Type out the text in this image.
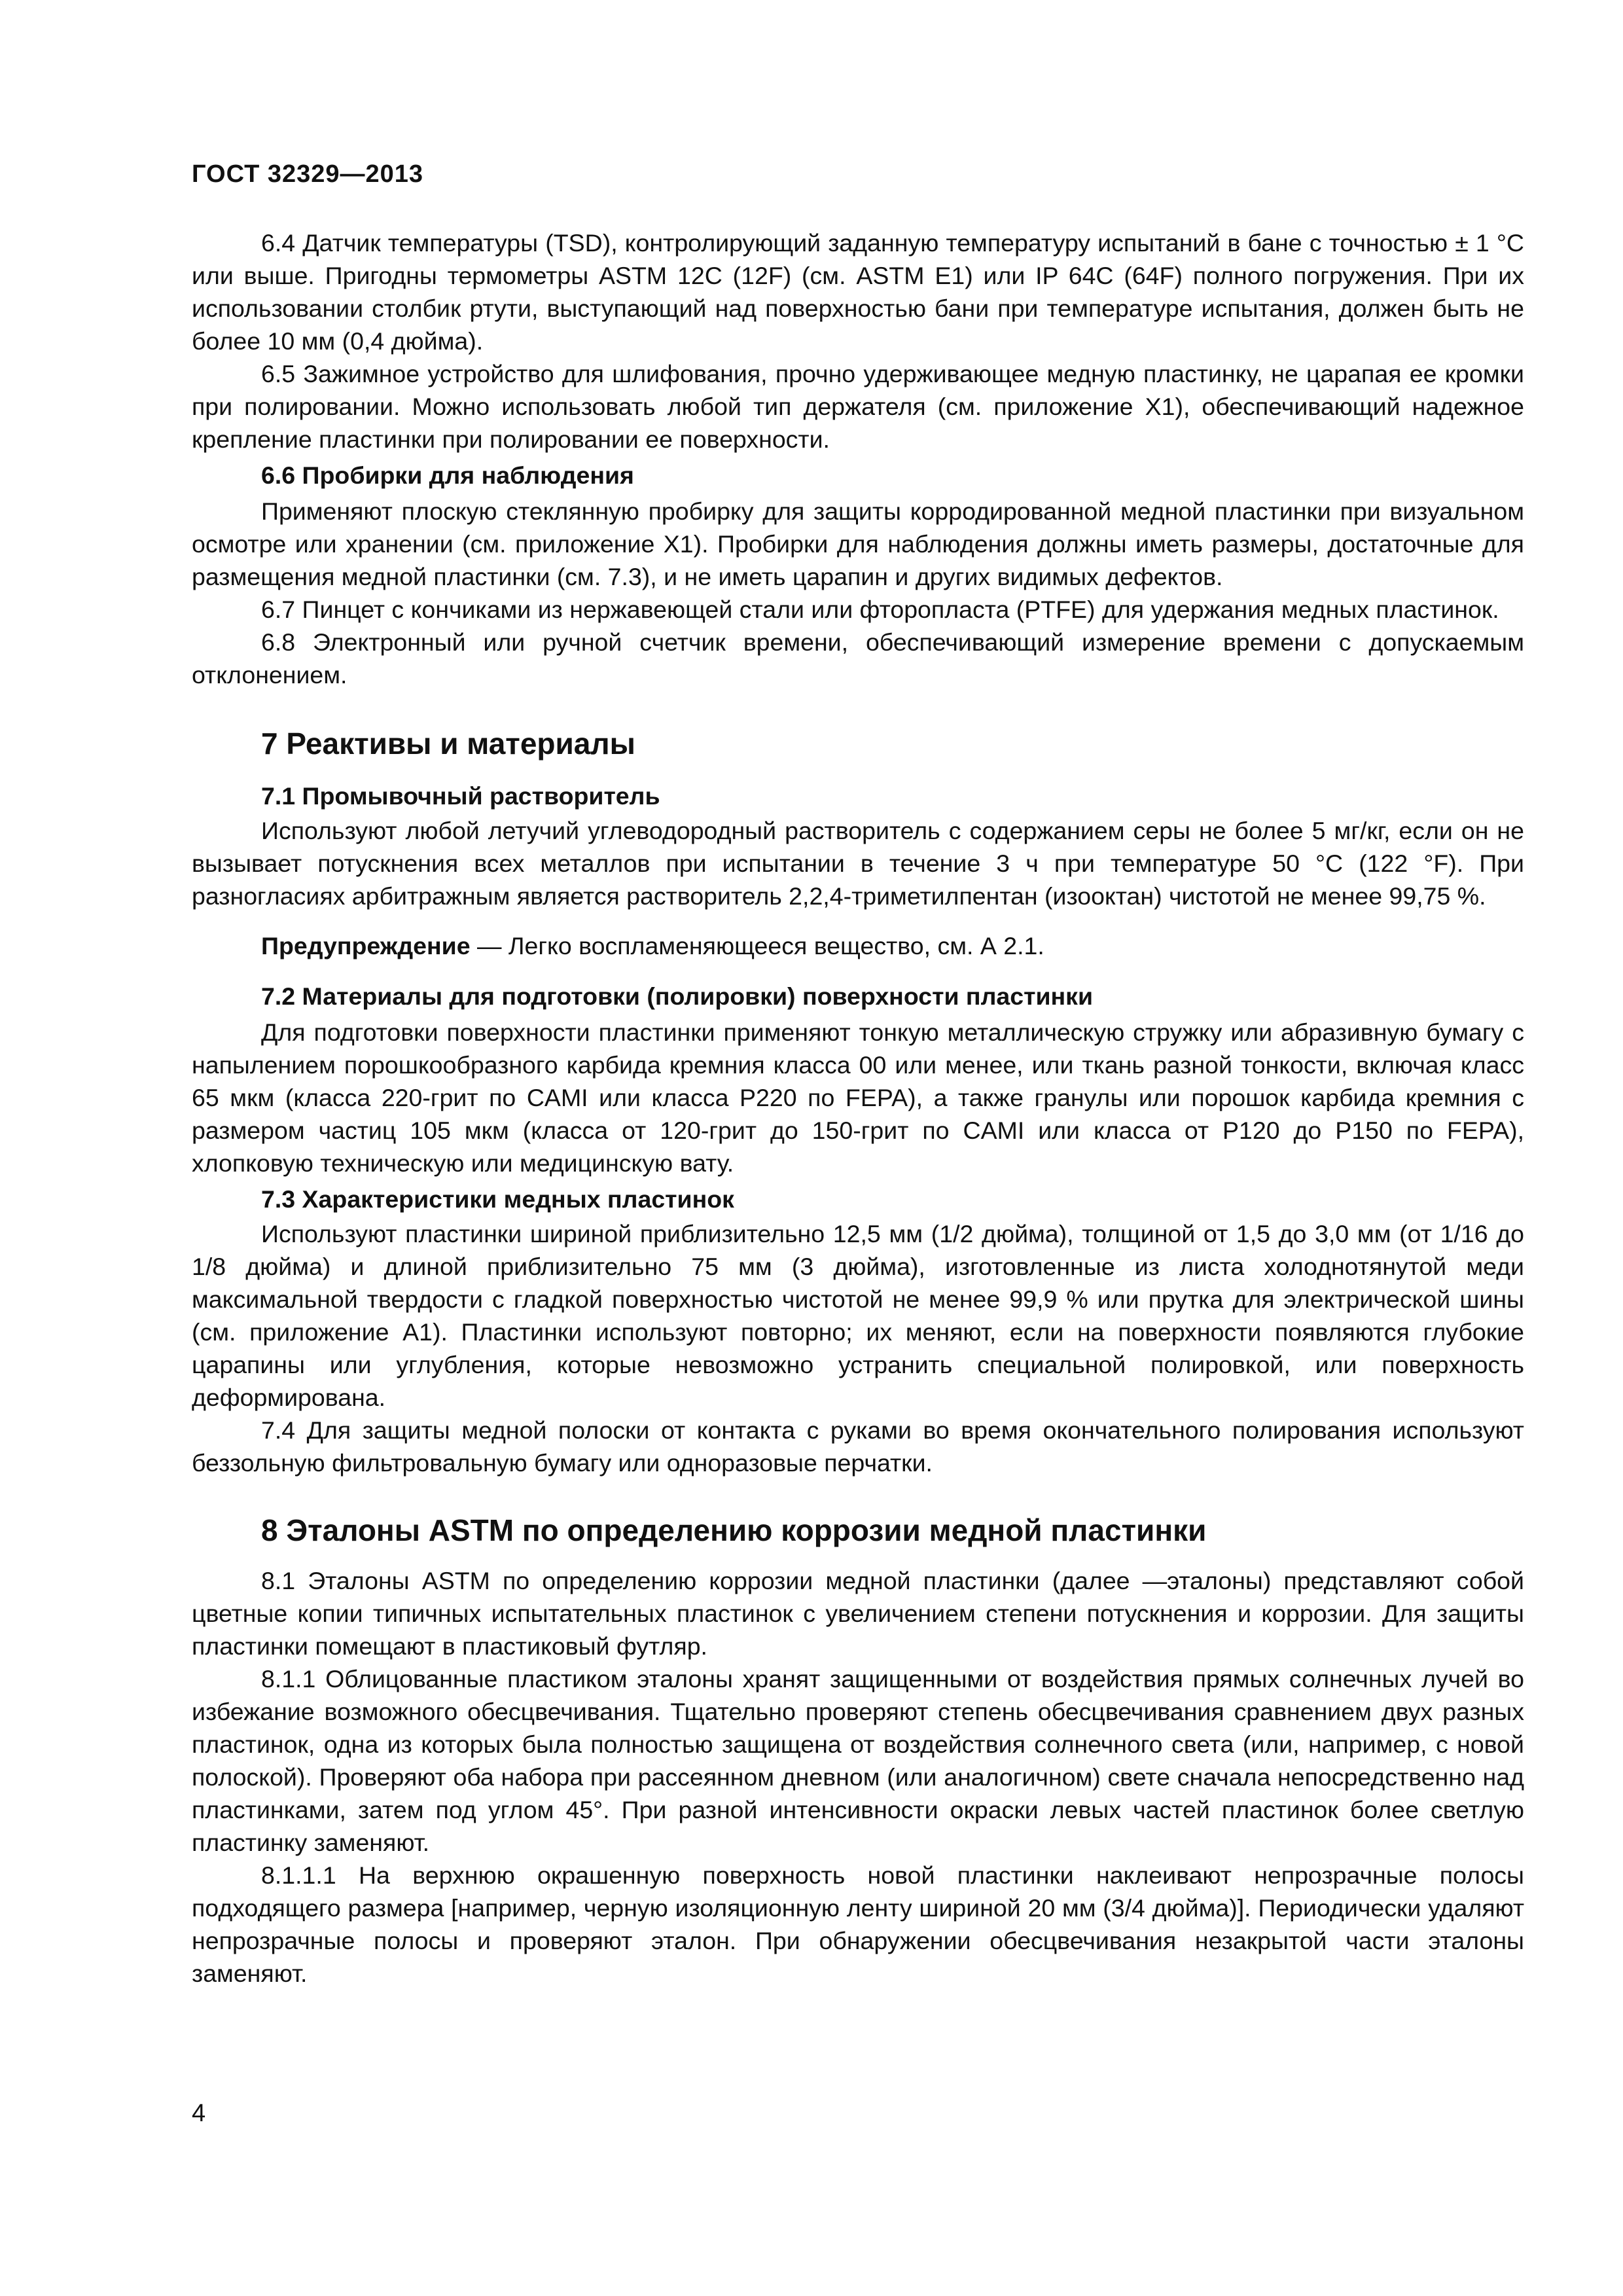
ГОСТ 32329—2013

6.4 Датчик температуры (TSD), контролирующий заданную температуру испытаний в бане с точностью ± 1 °С или выше. Пригодны термометры ASTM 12C (12F) (см. ASTM E1) или IP 64C (64F) полного погружения. При их использовании столбик ртути, выступающий над поверхностью бани при температуре испытания, должен быть не более 10 мм (0,4 дюйма).

6.5 Зажимное устройство для шлифования, прочно удерживающее медную пластинку, не царапая ее кромки при полировании. Можно использовать любой тип держателя (см. приложение X1), обеспечивающий надежное крепление пластинки при полировании ее поверхности.

6.6 Пробирки для наблюдения

Применяют плоскую стеклянную пробирку для защиты корродированной медной пластинки при визуальном осмотре или хранении (см. приложение X1). Пробирки для наблюдения должны иметь размеры, достаточные для размещения медной пластинки (см. 7.3), и не иметь царапин и других видимых дефектов.

6.7 Пинцет с кончиками из нержавеющей стали или фторопласта (PTFE) для удержания медных пластинок.

6.8 Электронный или ручной счетчик времени, обеспечивающий измерение времени с допускаемым отклонением.

7 Реактивы и материалы
7.1 Промывочный растворитель

Используют любой летучий углеводородный растворитель с содержанием серы не более 5 мг/кг, если он не вызывает потускнения всех металлов при испытании в течение 3 ч при температуре 50 °С (122 °F). При разногласиях арбитражным является растворитель 2,2,4-триметилпентан (изооктан) чистотой не менее 99,75 %.

Предупреждение — Легко воспламеняющееся вещество, см. А 2.1.

7.2 Материалы для подготовки (полировки) поверхности пластинки

Для подготовки поверхности пластинки применяют тонкую металлическую стружку или абразивную бумагу с напылением порошкообразного карбида кремния класса 00 или менее, или ткань разной тонкости, включая класс 65 мкм (класса 220-грит по CAMI или класса P220 по FEPA), а также гранулы или порошок карбида кремния с размером частиц 105 мкм (класса от 120-грит до 150-грит по CAMI или класса от P120 до P150 по FEPA), хлопковую техническую или медицинскую вату.

7.3 Характеристики медных пластинок

Используют пластинки шириной приблизительно 12,5 мм (1/2 дюйма), толщиной от 1,5 до 3,0 мм (от 1/16 до 1/8 дюйма) и длиной приблизительно 75 мм (3 дюйма), изготовленные из листа холоднотянутой меди максимальной твердости с гладкой поверхностью чистотой не менее 99,9 % или прутка для электрической шины (см. приложение А1). Пластинки используют повторно; их меняют, если на поверхности появляются глубокие царапины или углубления, которые невозможно устранить специальной полировкой, или поверхность деформирована.

7.4 Для защиты медной полоски от контакта с руками во время окончательного полирования используют беззольную фильтровальную бумагу или одноразовые перчатки.

8 Эталоны ASTM по определению коррозии медной пластинки

8.1 Эталоны ASTM по определению коррозии медной пластинки (далее —эталоны) представляют собой цветные копии типичных испытательных пластинок с увеличением степени потускнения и коррозии. Для защиты пластинки помещают в пластиковый футляр.

8.1.1 Облицованные пластиком эталоны хранят защищенными от воздействия прямых солнечных лучей во избежание возможного обесцвечивания. Тщательно проверяют степень обесцвечивания сравнением двух разных пластинок, одна из которых была полностью защищена от воздействия солнечного света (или, например, с новой полоской). Проверяют оба набора при рассеянном дневном (или аналогичном) свете сначала непосредственно над пластинками, затем под углом 45°. При разной интенсивности окраски левых частей пластинок более светлую пластинку заменяют.

8.1.1.1 На верхнюю окрашенную поверхность новой пластинки наклеивают непрозрачные полосы подходящего размера [например, черную изоляционную ленту шириной 20 мм (3/4 дюйма)]. Периодически удаляют непрозрачные полосы и проверяют эталон. При обнаружении обесцвечивания незакрытой части эталоны заменяют.

4
